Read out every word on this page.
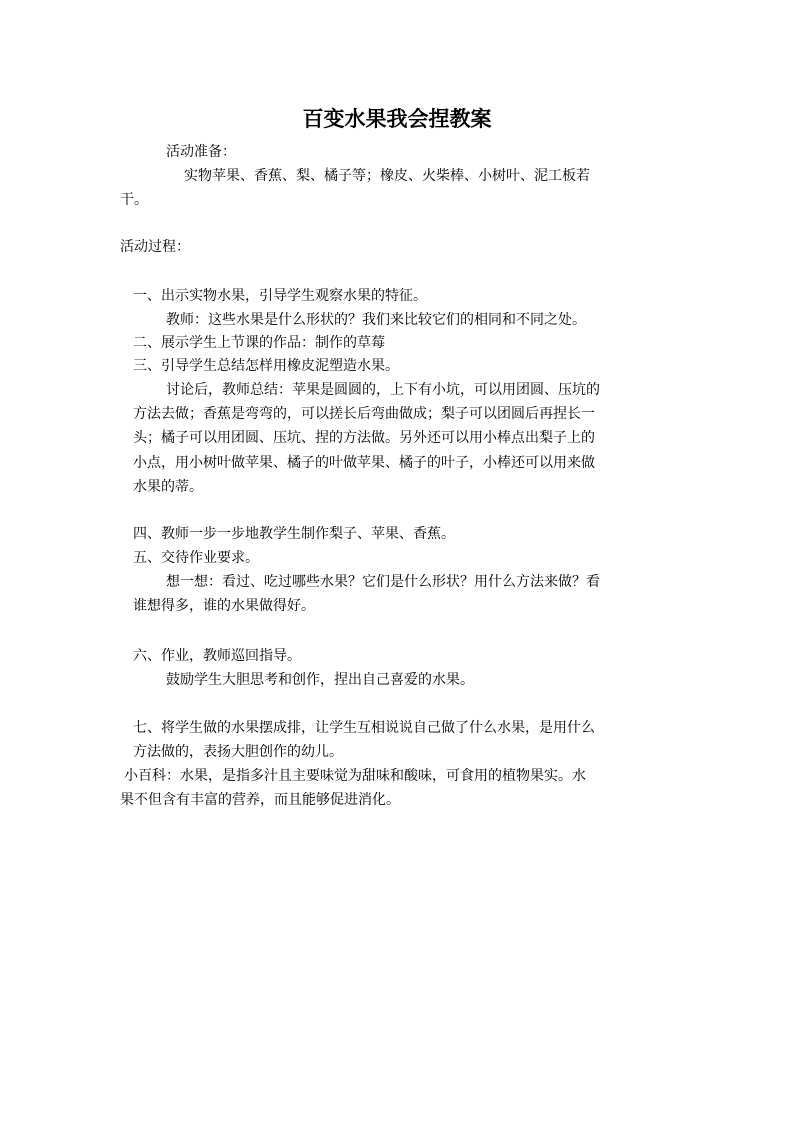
百变水果我会捏教案
活动准备：
实物苹果、香蕉、梨、橘子等；橡皮、火柴棒、小树叶、泥工板若
干。
活动过程：
一、出示实物水果，引导学生观察水果的特征。
教师：这些水果是什么形状的？我们来比较它们的相同和不同之处。
二、展示学生上节课的作品：制作的草莓
三、引导学生总结怎样用橡皮泥塑造水果。
讨论后，教师总结：苹果是圆圆的，上下有小坑，可以用团圆、压坑的
方法去做；香蕉是弯弯的，可以搓长后弯曲做成；梨子可以团圆后再捏长一
头；橘子可以用团圆、压坑、捏的方法做。另外还可以用小棒点出梨子上的
小点，用小树叶做苹果、橘子的叶做苹果、橘子的叶子，小棒还可以用来做
水果的蒂。
四、教师一步一步地教学生制作梨子、苹果、香蕉。
五、交待作业要求。
想一想：看过、吃过哪些水果？它们是什么形状？用什么方法来做？看
谁想得多，谁的水果做得好。
六、作业，教师巡回指导。
鼓励学生大胆思考和创作，捏出自己喜爱的水果。
七、将学生做的水果摆成排，让学生互相说说自己做了什么水果，是用什么
方法做的，表扬大胆创作的幼儿。
小百科：水果，是指多汁且主要味觉为甜味和酸味，可食用的植物果实。水
果不但含有丰富的营养，而且能够促进消化。
